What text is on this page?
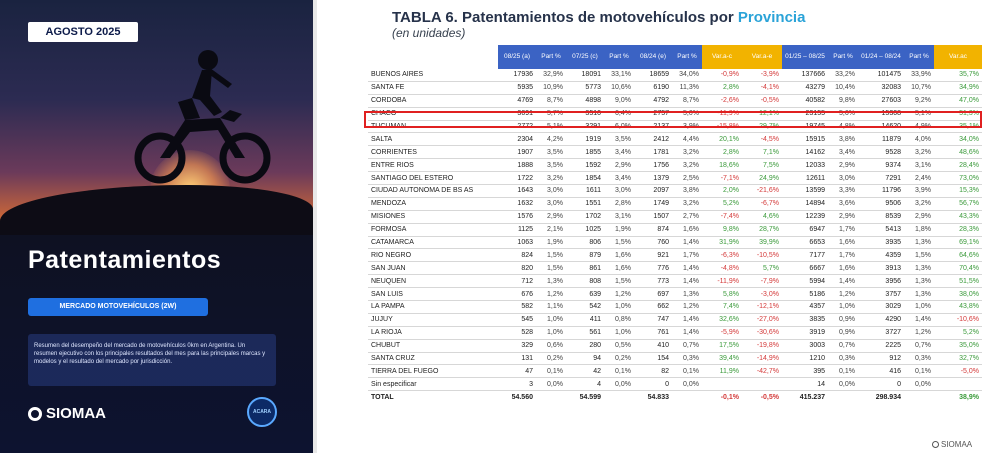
AGOSTO 2025
Patentamientos
MERCADO MOTOVEHÍCULOS (2W)
Resumen del desempeño del mercado de motovehículos 0km en Argentina. Un resumen ejecutivo con los principales resultados del mes para las principales marcas y modelos y el resultado del mercado por jurisdicción.
SIOMAA	ACARA
TABLA 6. Patentamientos de motovehículos por Provincia
(en unidades)
	08/25 (a)	Part %	07/25 (c)	Part %	08/24 (e)	Part %	Var.a-c	Var.a-e	01/25 – 08/25	Part %	01/24 – 08/24	Part %	Var.ac
BUENOS AIRES	17936	32,9%	18091	33,1%	18659	34,0%	-0,9%	-3,9%	137666	33,2%	101475	33,9%	35,7%
SANTA FE	5935	10,9%	5773	10,6%	6190	11,3%	2,8%	-4,1%	43279	10,4%	32083	10,7%	34,9%
CORDOBA	4769	8,7%	4898	9,0%	4792	8,7%	-2,6%	-0,5%	40582	9,8%	27603	9,2%	47,0%
CHACO	3091	5,7%	3510	6,4%	2757	5,0%	-11,9%	12,1%	23155	5,6%	15308	5,1%	51,3%
TUCUMAN	2772	5,1%	3291	6,0%	2137	3,9%	-15,8%	29,7%	19745	4,8%	14620	4,9%	35,1%
SALTA	2304	4,2%	1919	3,5%	2412	4,4%	20,1%	-4,5%	15915	3,8%	11879	4,0%	34,0%
CORRIENTES	1907	3,5%	1855	3,4%	1781	3,2%	2,8%	7,1%	14162	3,4%	9528	3,2%	48,6%
ENTRE RIOS	1888	3,5%	1592	2,9%	1756	3,2%	18,6%	7,5%	12033	2,9%	9374	3,1%	28,4%
SANTIAGO DEL ESTERO	1722	3,2%	1854	3,4%	1379	2,5%	-7,1%	24,9%	12611	3,0%	7291	2,4%	73,0%
CIUDAD AUTONOMA DE BS AS	1643	3,0%	1611	3,0%	2097	3,8%	2,0%	-21,6%	13599	3,3%	11796	3,9%	15,3%
MENDOZA	1632	3,0%	1551	2,8%	1749	3,2%	5,2%	-6,7%	14894	3,6%	9506	3,2%	56,7%
MISIONES	1576	2,9%	1702	3,1%	1507	2,7%	-7,4%	4,6%	12239	2,9%	8539	2,9%	43,3%
FORMOSA	1125	2,1%	1025	1,9%	874	1,6%	9,8%	28,7%	6947	1,7%	5413	1,8%	28,3%
CATAMARCA	1063	1,9%	806	1,5%	760	1,4%	31,9%	39,9%	6653	1,6%	3935	1,3%	69,1%
RIO NEGRO	824	1,5%	879	1,6%	921	1,7%	-6,3%	-10,5%	7177	1,7%	4359	1,5%	64,6%
SAN JUAN	820	1,5%	861	1,6%	776	1,4%	-4,8%	5,7%	6667	1,6%	3913	1,3%	70,4%
NEUQUEN	712	1,3%	808	1,5%	773	1,4%	-11,9%	-7,9%	5994	1,4%	3956	1,3%	51,5%
SAN LUIS	676	1,2%	639	1,2%	697	1,3%	5,8%	-3,0%	5186	1,2%	3757	1,3%	38,0%
LA PAMPA	582	1,1%	542	1,0%	662	1,2%	7,4%	-12,1%	4357	1,0%	3029	1,0%	43,8%
JUJUY	545	1,0%	411	0,8%	747	1,4%	32,6%	-27,0%	3835	0,9%	4290	1,4%	-10,6%
LA RIOJA	528	1,0%	561	1,0%	761	1,4%	-5,9%	-30,6%	3919	0,9%	3727	1,2%	5,2%
CHUBUT	329	0,6%	280	0,5%	410	0,7%	17,5%	-19,8%	3003	0,7%	2225	0,7%	35,0%
SANTA CRUZ	131	0,2%	94	0,2%	154	0,3%	39,4%	-14,9%	1210	0,3%	912	0,3%	32,7%
TIERRA DEL FUEGO	47	0,1%	42	0,1%	82	0,1%	11,9%	-42,7%	395	0,1%	416	0,1%	-5,0%
Sin especificar	3	0,0%	4	0,0%	0	0,0%			14	0,0%	0	0,0%	
TOTAL	54.560		54.599		54.833		-0,1%	-0,5%	415.237		298.934		38,9%
SIOMAA
